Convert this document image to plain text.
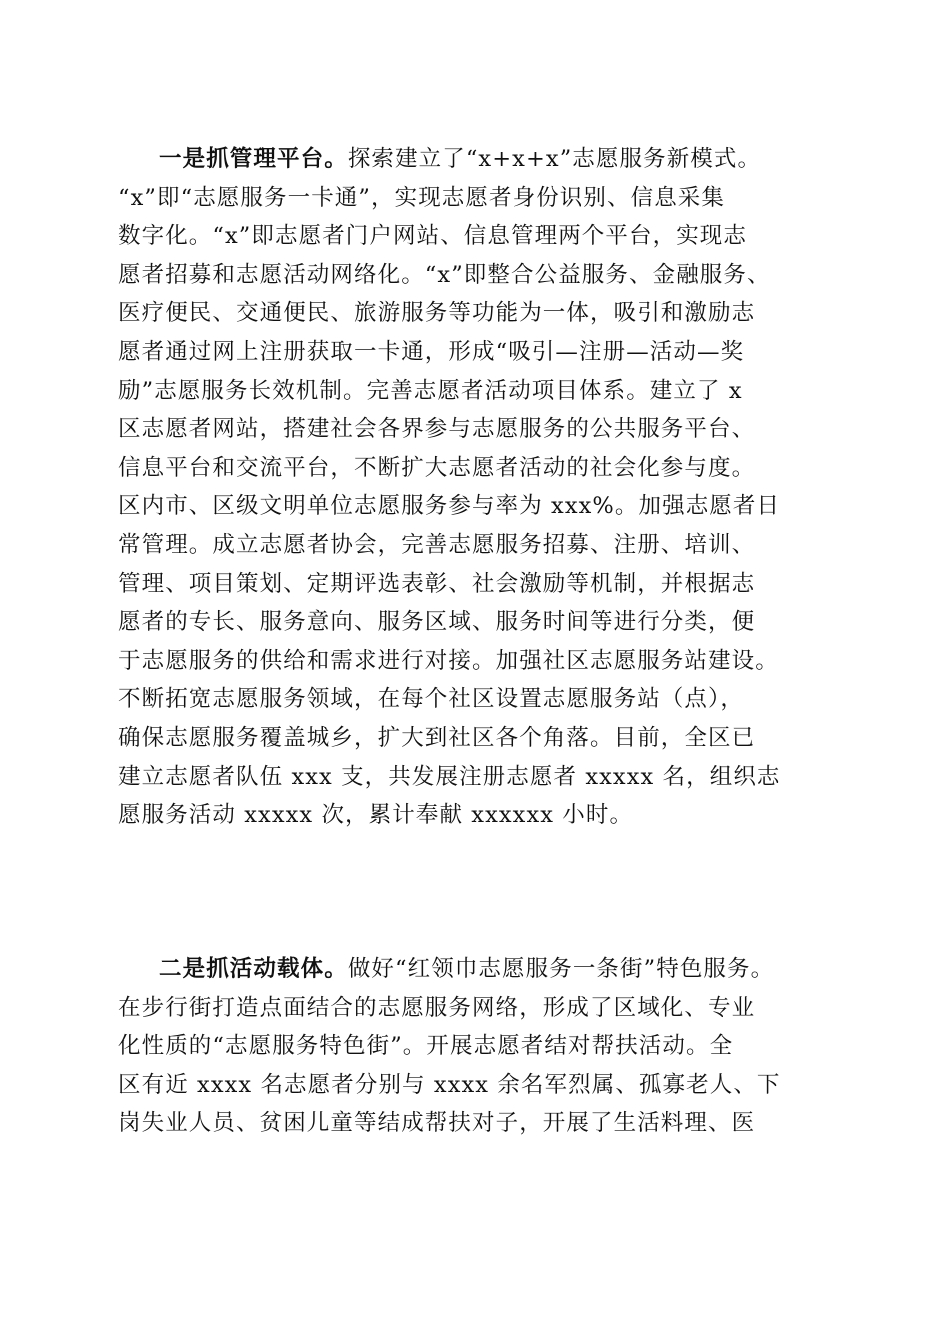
一是抓管理平台。探索建立了“x+x+x”志愿服务新模式。
“x”即“志愿服务一卡通”，实现志愿者身份识别、信息采集
数字化。“x”即志愿者门户网站、信息管理两个平台，实现志
愿者招募和志愿活动网络化。“x”即整合公益服务、金融服务、
医疗便民、交通便民、旅游服务等功能为一体，吸引和激励志
愿者通过网上注册获取一卡通，形成“吸引—注册—活动—奖
励”志愿服务长效机制。完善志愿者活动项目体系。建立了 x
区志愿者网站，搭建社会各界参与志愿服务的公共服务平台、
信息平台和交流平台，不断扩大志愿者活动的社会化参与度。
区内市、区级文明单位志愿服务参与率为 xxx%。加强志愿者日
常管理。成立志愿者协会，完善志愿服务招募、注册、培训、
管理、项目策划、定期评选表彰、社会激励等机制，并根据志
愿者的专长、服务意向、服务区域、服务时间等进行分类，便
于志愿服务的供给和需求进行对接。加强社区志愿服务站建设。
不断拓宽志愿服务领域，在每个社区设置志愿服务站（点），
确保志愿服务覆盖城乡，扩大到社区各个角落。目前，全区已
建立志愿者队伍 xxx 支，共发展注册志愿者 xxxxx 名，组织志
愿服务活动 xxxxx 次，累计奉献 xxxxxx 小时。
二是抓活动载体。做好“红领巾志愿服务一条街”特色服务。
在步行街打造点面结合的志愿服务网络，形成了区域化、专业
化性质的“志愿服务特色街”。开展志愿者结对帮扶活动。全
区有近 xxxx 名志愿者分别与 xxxx 余名军烈属、孤寡老人、下
岗失业人员、贫困儿童等结成帮扶对子，开展了生活料理、医
